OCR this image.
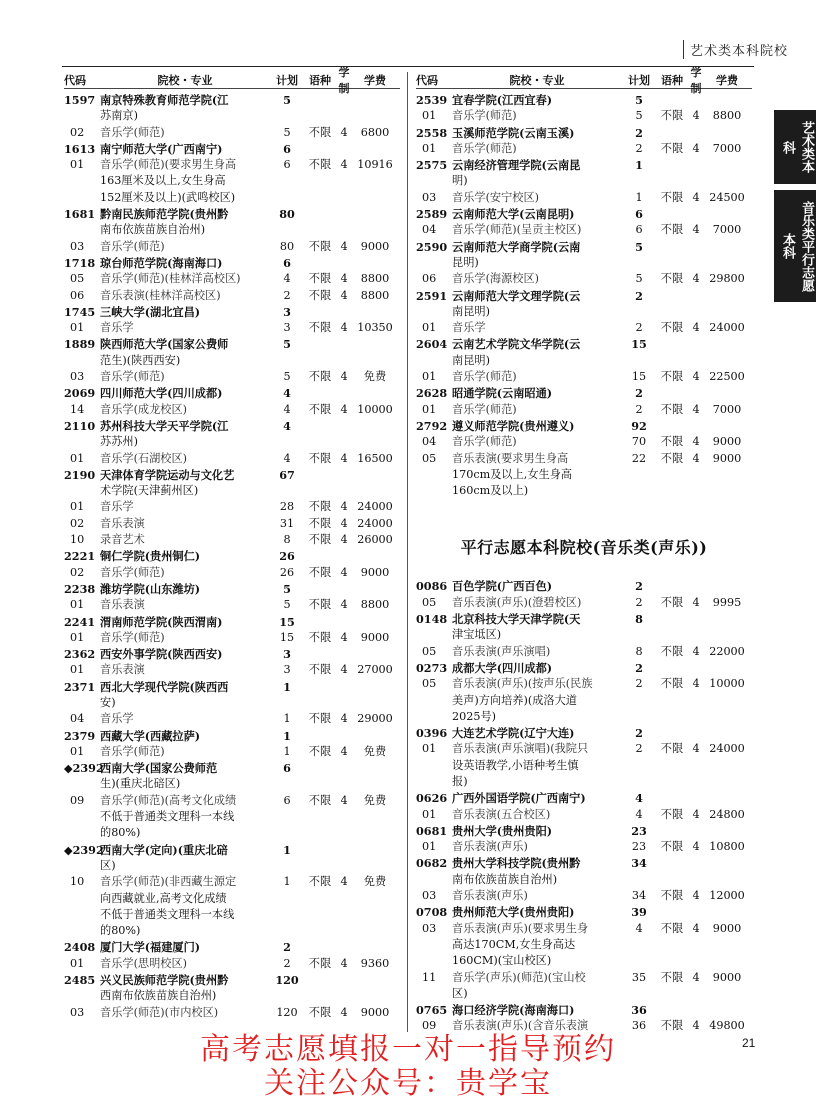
艺术类本科院校
艺术类本科
音乐类平行志愿本科
代码	院校・专业	计划	语种
学制
学费
1597 南京特殊教育师范学院(江	5
苏南京)
02	音乐学(师范)	5	不限 4	6800
1613 南宁师范大学(广西南宁)	6
01	音乐学(师范)(要求男生身高	6	不限 4 10916
163厘米及以上,女生身高
152厘米及以上)(武鸣校区)
1681 黔南民族师范学院(贵州黔	80
南布依族苗族自治州)
03	音乐学(师范)	80	不限 4	9000
1718 琼台师范学院(海南海口)	6
05	音乐学(师范)(桂林洋高校区)	4	不限 4	8800
06	音乐表演(桂林洋高校区)	2	不限 4	8800
1745 三峡大学(湖北宜昌)	3
01	音乐学	3	不限 4 10350
1889 陕西师范大学(国家公费师	5
范生)(陕西西安)
03	音乐学(师范)	5	不限 4	免费
2069 四川师范大学(四川成都)	4
14	音乐学(成龙校区)	4	不限 4 10000
2110 苏州科技大学天平学院(江	4
苏苏州)
01	音乐学(石湖校区)	4	不限 4 16500
2190 天津体育学院运动与文化艺	67
术学院(天津蓟州区)
01	音乐学	28	不限 4 24000
02	音乐表演	31	不限 4 24000
10	录音艺术	8	不限 4 26000
2221 铜仁学院(贵州铜仁)	26
02	音乐学(师范)	26	不限 4	9000
2238 潍坊学院(山东潍坊)	5
01	音乐表演	5	不限 4	8800
2241 渭南师范学院(陕西渭南)	15
01	音乐学(师范)	15	不限 4	9000
2362 西安外事学院(陕西西安)	3
01	音乐表演	3	不限 4 27000
2371 西北大学现代学院(陕西西	1
安)
04	音乐学	1	不限 4 29000
2379 西藏大学(西藏拉萨)	1
01	音乐学(师范)	1	不限 4	免费
◆2392
西南大学(国家公费师范	6
生)(重庆北碚区)
09	音乐学(师范)(高考文化成绩	6	不限 4	免费
不低于普通类文理科一本线
的80%)
◆2392
西南大学(定向)(重庆北碚	1
区)
10	音乐学(师范)(非西藏生源定	1	不限 4	免费
向西藏就业,高考文化成绩
不低于普通类文理科一本线
的80%)
2408 厦门大学(福建厦门)	2
01	音乐学(思明校区)	2	不限 4	9360
2485 兴义民族师范学院(贵州黔	120
西南布依族苗族自治州)
03	音乐学(师范)(市内校区)	120 不限 4	9000
代码	院校・专业	计划	语种
学制
学费
2539 宜春学院(江西宜春)	5
01	音乐学(师范)	5	不限 4	8800
2558 玉溪师范学院(云南玉溪)	2
01	音乐学(师范)	2	不限 4	7000
2575 云南经济管理学院(云南昆	1
明)
03	音乐学(安宁校区)	1	不限 4 24500
2589 云南师范大学(云南昆明)	6
04	音乐学(师范)(呈贡主校区)	6	不限 4	7000
2590 云南师范大学商学院(云南	5
昆明)
06	音乐学(海源校区)	5	不限 4 29800
2591 云南师范大学文理学院(云	2
南昆明)
01	音乐学	2	不限 4 24000
2604 云南艺术学院文华学院(云	15
南昆明)
01	音乐学(师范)	15	不限 4 22500
2628 昭通学院(云南昭通)	2
01	音乐学(师范)	2	不限 4	7000
2792 遵义师范学院(贵州遵义)	92
04	音乐学(师范)	70	不限 4	9000
05	音乐表演(要求男生身高	22	不限 4	9000
170cm及以上,女生身高
160cm及以上)
平行志愿本科院校(音乐类(声乐))
0086 百色学院(广西百色)	2
05	音乐表演(声乐)(澄碧校区)	2	不限 4	9995
0148 北京科技大学天津学院(天	8
津宝坻区)
05	音乐表演(声乐演唱)	8	不限 4 22000
0273 成都大学(四川成都)	2
05	音乐表演(声乐)(按声乐(民族	2	不限 4 10000
美声)方向培养)(成洛大道
2025号)
0396 大连艺术学院(辽宁大连)	2
01	音乐表演(声乐演唱)(我院只	2	不限 4 24000
设英语教学,小语种考生慎
报)
0626 广西外国语学院(广西南宁)	4
01	音乐表演(五合校区)	4	不限 4 24800
0681 贵州大学(贵州贵阳)	23
01	音乐表演(声乐)	23	不限 4 10800
0682 贵州大学科技学院(贵州黔	34
南布依族苗族自治州)
03	音乐表演(声乐)	34	不限 4 12000
0708 贵州师范大学(贵州贵阳)	39
03	音乐表演(声乐)(要求男生身	4	不限 4	9000
高达170CM,女生身高达
160CM)(宝山校区)
11	音乐学(声乐)(师范)(宝山校	35	不限 4	9000
区)
0765 海口经济学院(海南海口)	36
09	音乐表演(声乐)(含音乐表演	36	不限 4 49800
21
高考志愿填报一对一指导预约
关注公众号：贵学宝
